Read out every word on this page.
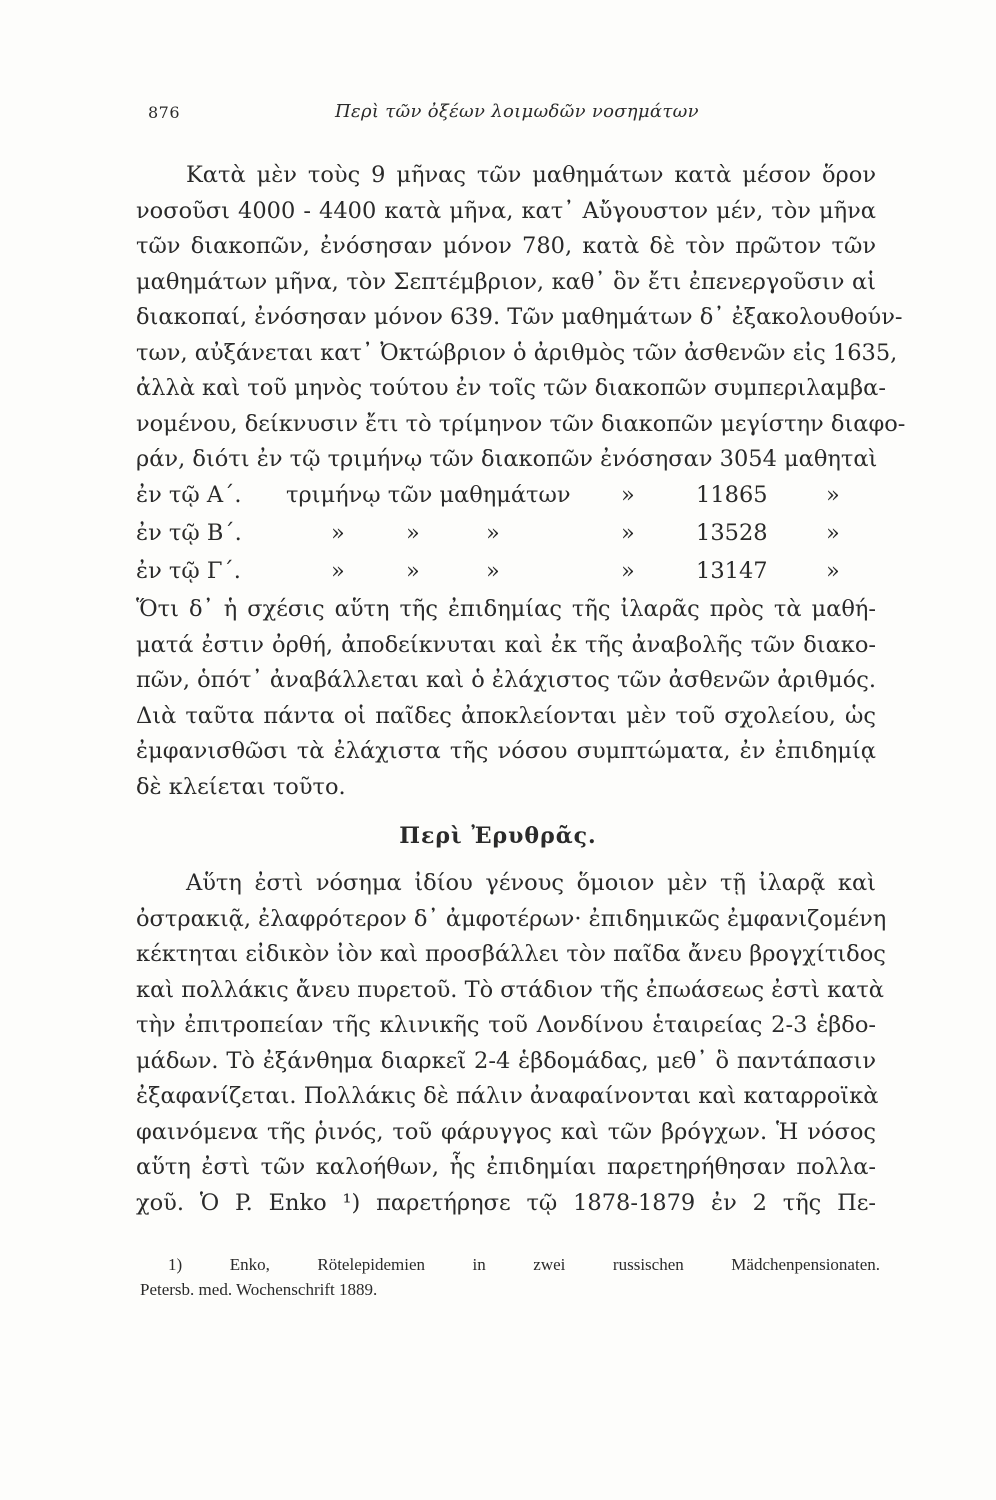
876	Περὶ τῶν ὀξέων λοιμωδῶν νοσημάτων
Κατὰ μὲν τοὺς 9 μῆνας τῶν μαθημάτων κατὰ μέσον ὅρον
νοσοῦσι 4000 - 4400 κατὰ μῆνα, κατ᾽ Αὔγουστον μέν, τὸν μῆνα
τῶν διακοπῶν, ἐνόσησαν μόνον 780, κατὰ δὲ τὸν πρῶτον τῶν
μαθημάτων μῆνα, τὸν Σεπτέμβριον, καθ᾽ ὃν ἔτι ἐπενεργοῦσιν αἱ
διακοπαί, ἐνόσησαν μόνον 639. Τῶν μαθημάτων δ᾽ ἐξακολουθούν-
των, αὐξάνεται κατ᾽ Ὀκτώβριον ὁ ἀριθμὸς τῶν ἀσθενῶν εἰς 1635,
ἀλλὰ καὶ τοῦ μηνὸς τούτου ἐν τοῖς τῶν διακοπῶν συμπεριλαμβα-
νομένου, δείκνυσιν ἔτι τὸ τρίμηνον τῶν διακοπῶν μεγίστην διαφο-
ράν, διότι ἐν τῷ τριμήνῳ τῶν διακοπῶν ἐνόσησαν 3054 μαθηταὶ
ἐν τῷ Α΄. τριμήνῳ τῶν μαθημάτων »	11865	»
ἐν τῷ Β΄.	»	»	»	»	13528	»
ἐν τῷ Γ΄.	»	»	»	»	13147	»
Ὅτι δ᾽ ἡ σχέσις αὕτη τῆς ἐπιδημίας τῆς ἰλαρᾶς πρὸς τὰ μαθή-
ματά ἐστιν ὀρθή, ἀποδείκνυται καὶ ἐκ τῆς ἀναβολῆς τῶν διακο-
πῶν, ὁπότ᾽ ἀναβάλλεται καὶ ὁ ἐλάχιστος τῶν ἀσθενῶν ἀριθμός.
Διὰ ταῦτα πάντα οἱ παῖδες ἀποκλείονται μὲν τοῦ σχολείου, ὡς
ἐμφανισθῶσι τὰ ἐλάχιστα τῆς νόσου συμπτώματα, ἐν ἐπιδημίᾳ
δὲ κλείεται τοῦτο.
Περὶ Ἐρυθρᾶς.
Αὕτη ἐστὶ νόσημα ἰδίου γένους ὅμοιον μὲν τῇ ἰλαρᾷ καὶ
ὀστρακιᾷ, ἐλαφρότερον δ᾽ ἀμφοτέρων· ἐπιδημικῶς ἐμφανιζομένη
κέκτηται εἰδικὸν ἰὸν καὶ προσβάλλει τὸν παῖδα ἄνευ βρογχίτιδος
καὶ πολλάκις ἄνευ πυρετοῦ. Τὸ στάδιον τῆς ἐπωάσεως ἐστὶ κατὰ
τὴν ἐπιτροπείαν τῆς κλινικῆς τοῦ Λονδίνου ἑταιρείας 2-3 ἑβδο-
μάδων. Τὸ ἐξάνθημα διαρκεῖ 2-4 ἑβδομάδας, μεθ᾽ ὃ παντάπασιν
ἐξαφανίζεται. Πολλάκις δὲ πάλιν ἀναφαίνονται καὶ καταρροϊκὰ
φαινόμενα τῆς ῥινός, τοῦ φάρυγγος καὶ τῶν βρόγχων. Ἡ νόσος
αὕτη ἐστὶ τῶν καλοήθων, ἧς ἐπιδημίαι παρετηρήθησαν πολλα-
χοῦ. Ὁ P. Enko ¹) παρετήρησε τῷ 1878-1879 ἐν 2 τῆς Πε-
1) Enko, Rötelepidemien in zwei russischen Mädchenpensionaten.
Petersb. med. Wochenschrift 1889.
